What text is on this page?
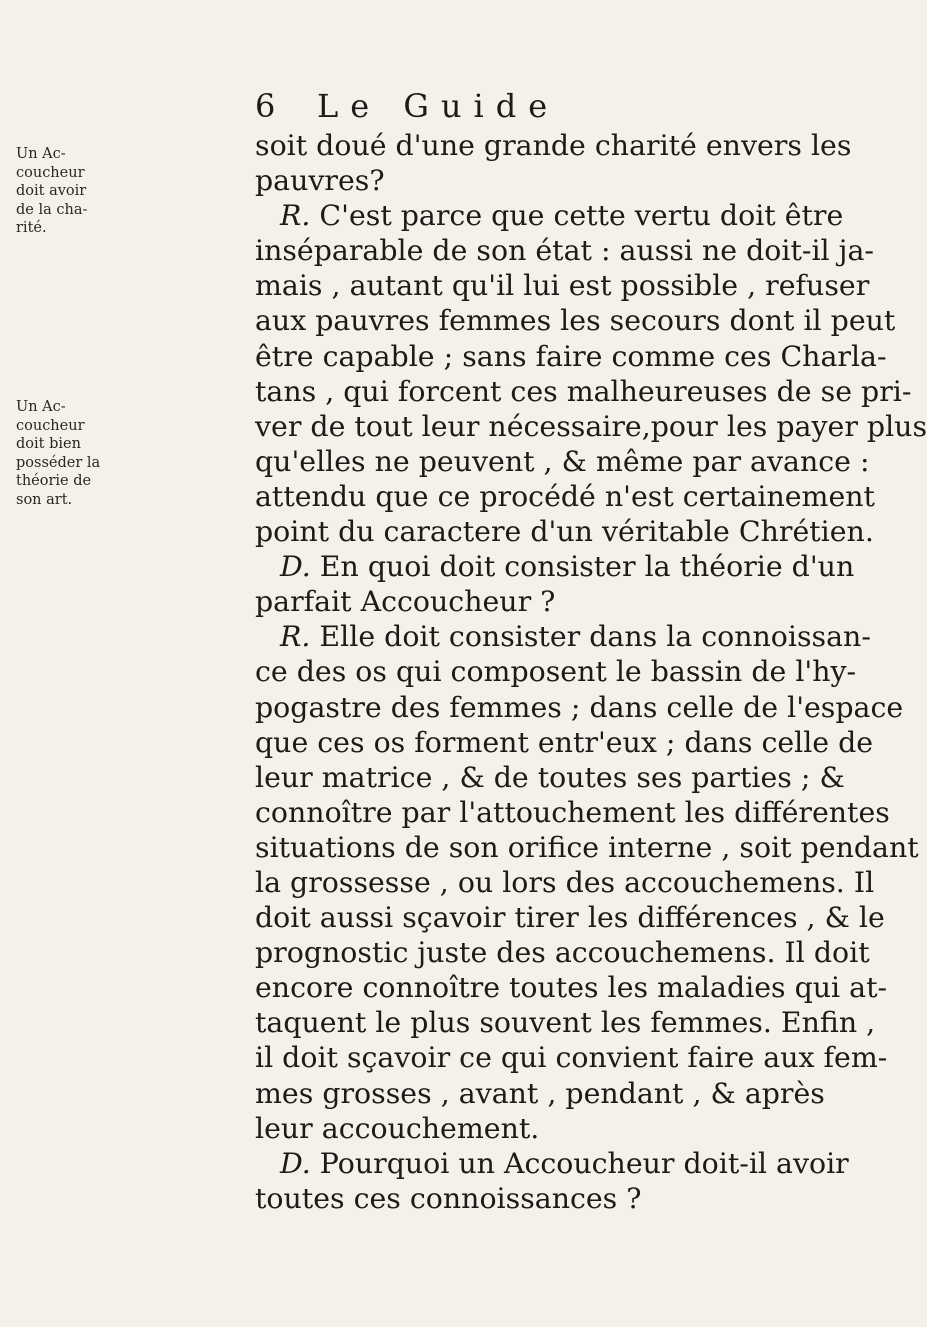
6 Le Guide
Un Ac-
coucheur
doit avoir
de la cha-
rité.
Un Ac-
coucheur
doit bien
posséder la
théorie de
son art.
soit doué d'une grande charité envers les
pauvres?
R. C'est parce que cette vertu doit être
inséparable de son état : aussi ne doit-il ja-
mais , autant qu'il lui est possible , refuser
aux pauvres femmes les secours dont il peut
être capable ; sans faire comme ces Charla-
tans , qui forcent ces malheureuses de se pri-
ver de tout leur nécessaire,pour les payer plus
qu'elles ne peuvent , & même par avance :
attendu que ce procédé n'est certainement
point du caractere d'un véritable Chrétien.
D. En quoi doit consister la théorie d'un
parfait Accoucheur ?
R. Elle doit consister dans la connoissan-
ce des os qui composent le bassin de l'hy-
pogastre des femmes ; dans celle de l'espace
que ces os forment entr'eux ; dans celle de
leur matrice , & de toutes ses parties ; &
connoître par l'attouchement les différentes
situations de son orifice interne , soit pendant
la grossesse , ou lors des accouchemens. Il
doit aussi sçavoir tirer les différences , & le
prognostic juste des accouchemens. Il doit
encore connoître toutes les maladies qui at-
taquent le plus souvent les femmes. Enfin ,
il doit sçavoir ce qui convient faire aux fem-
mes grosses , avant , pendant , & après
leur accouchement.
D. Pourquoi un Accoucheur doit-il avoir
toutes ces connoissances ?
